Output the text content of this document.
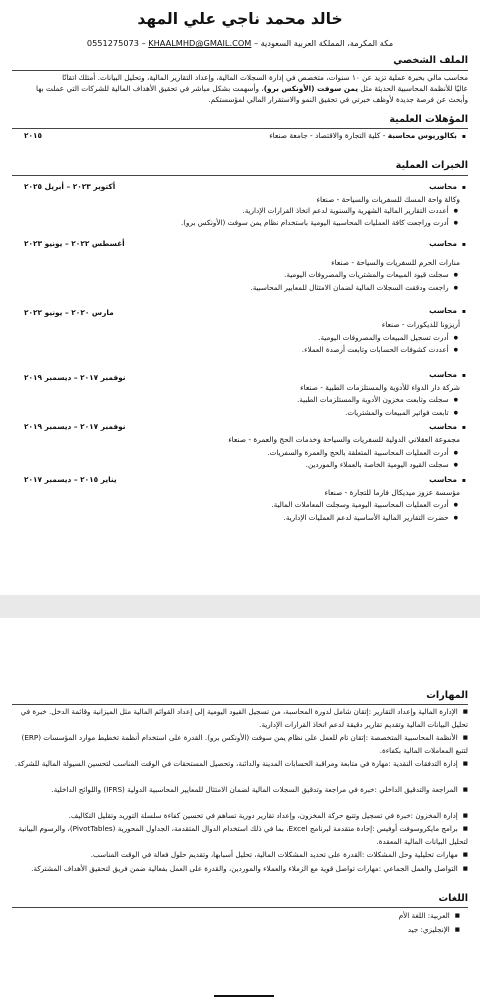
خالد محمد ناجي علي المهد
0551275073 – KHAALMHD@GMAIL.COM – مكة المكرمة، المملكة العربية السعودية
الملف الشخصي
محاسب مالي بخبرة عملية تزيد عن ١٠ سنوات، متخصص في إدارة السجلات المالية، وإعداد التقارير المالية، وتحليل البيانات. أمتلك اتقانًا
عاليًا للأنظمة المحاسبية الحديثة مثل يمن سوفت (الأونكس برو)، وأسهمت بشكل مباشر في تحقيق الأهداف المالية للشركات التي عملت بها
وأبحث عن فرصة جديدة لأوظف خبرتي في تحقيق النمو والاستقرار المالي لمؤسستكم.
المؤهلات العلمية
▪بكالوريوس محاسبة - كلية التجارة والاقتصاد - جامعة صنعاء
٢٠١٥
الخبرات العملية
▪ محاسب
أكتوبر ٢٠٢٣ – أبريل ٢٠٢٥
وكالة واحة المسك للسفريات والسياحة - صنعاء
● أعددت التقارير المالية الشهرية والسنوية لدعم اتخاذ القرارات الإدارية.
● أدرت وراجعت كافة العمليات المحاسبية اليومية باستخدام نظام يمن سوفت (الأونكس برو).
▪ محاسب
أغسطس ٢٠٢٢ – يونيو ٢٠٢٣
منارات الحرم للسفريات والسياحة - صنعاء
● سجلت قيود المبيعات والمشتريات والمصروفات اليومية.
● راجعت ودققت السجلات المالية لضمان الامتثال للمعايير المحاسبية.
▪ محاسب
مارس ٢٠٢٠ – يونيو ٢٠٢٢
أريزونا للديكورات - صنعاء
● أدرت تسجيل المبيعات والمصروفات اليومية.
● أعددت كشوفات الحسابات وتابعت أرصدة العملاء.
▪ محاسب
نوفمبر ٢٠١٧ – ديسمبر ٢٠١٩
شركة دار الدواء للأدوية والمستلزمات الطبية - صنعاء
● سجلت وتابعت مخزون الأدوية والمستلزمات الطبية.
● تابعت فواتير المبيعات والمشتريات.
▪ محاسب
نوفمبر ٢٠١٧ – ديسمبر ٢٠١٩
مجموعة العقلاني الدولية للسفريات والسياحة وخدمات الحج والعمرة - صنعاء
● أدرت العمليات المحاسبية المتعلقة بالحج والعمرة والسفريات.
● سجلت القيود اليومية الخاصة بالعملاء والموردين.
▪ محاسب
يناير ٢٠١٥ – ديسمبر ٢٠١٧
مؤسسة عزوز ميديكال فارما للتجارة - صنعاء
● أدرت العمليات المحاسبية اليومية وسجلت المعاملات المالية.
● حضرت التقارير المالية الأساسية لدعم العمليات الإدارية.
المهارات
■ الإدارة المالية وإعداد التقارير :إتقان شامل لدورة المحاسبة، من تسجيل القيود اليومية إلى إعداد القوائم المالية مثل الميزانية وقائمة الدخل. خبرة في تحليل البيانات المالية وتقديم تقارير دقيقة لدعم اتخاذ القرارات الإدارية.
■ الأنظمة المحاسبية المتخصصة :إتقان تام للعمل على نظام يمن سوفت (الأونكس برو). القدرة على استخدام أنظمة تخطيط موارد المؤسسات (ERP) لتتبع المعاملات المالية بكفاءة.
■ إدارة التدفقات النقدية :مهارة في متابعة ومراقبة الحسابات المدينة والدائنة، وتحصيل المستحقات في الوقت المناسب لتحسين السيولة المالية للشركة.
■ المراجعة والتدقيق الداخلي :خبرة في مراجعة وتدقيق السجلات المالية لضمان الامتثال للمعايير المحاسبية الدولية (IFRS) واللوائح الداخلية.
■ إدارة المخزون :خبرة في تسجيل وتتبع حركة المخزون، وإعداد تقارير دورية تساهم في تحسين كفاءة سلسلة التوريد وتقليل التكاليف.
■ برامج مايكروسوفت أوفيس :إجادة متقدمة لبرنامج Excel، بما في ذلك استخدام الدوال المتقدمة، الجداول المحورية (PivotTables)، والرسوم البيانية لتحليل البيانات المالية المعقدة.
■ مهارات تحليلية وحل المشكلات :القدرة على تحديد المشكلات المالية، تحليل أسبابها، وتقديم حلول فعالة في الوقت المناسب.
■ التواصل والعمل الجماعي :مهارات تواصل قوية مع الزملاء والعملاء والموردين، والقدرة على العمل بفعالية ضمن فريق لتحقيق الأهداف المشتركة.
اللغات
■ العربية: اللغة الأم
■ الإنجليزي: جيد
